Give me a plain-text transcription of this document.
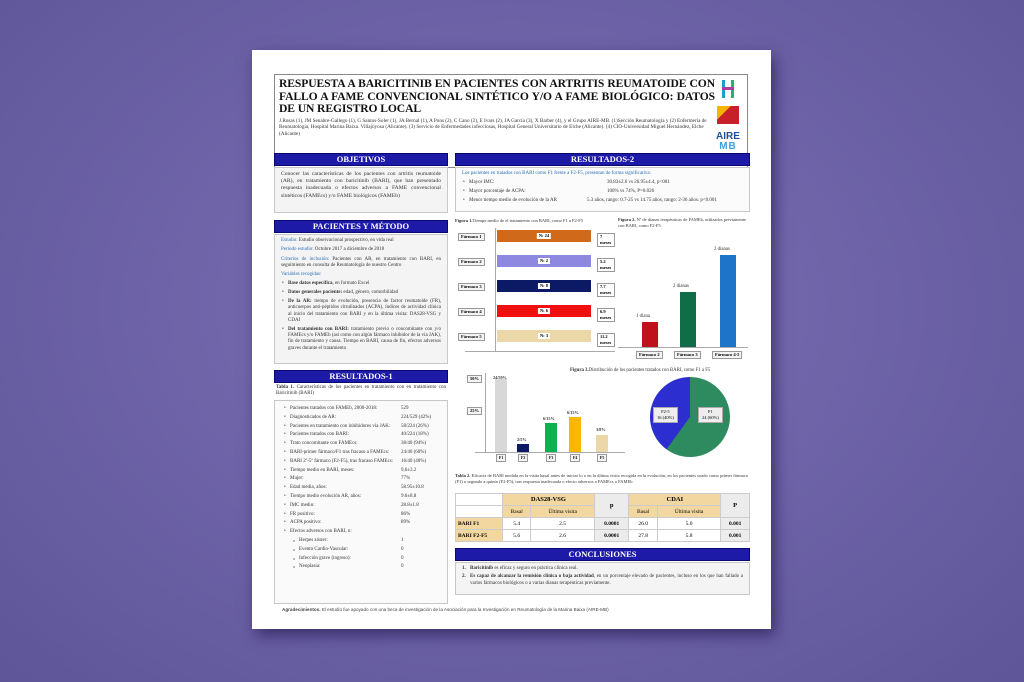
RESPUESTA A BARICITINIB EN PACIENTES CON ARTRITIS REUMATOIDE CON FALLO A FAME CONVENCIONAL SINTÉTICO Y/O A FAME BIOLÓGICO: DATOS DE UN REGISTRO LOCAL
J.Rosas (1), JM Senabre-Gallego (1), G Santos-Soler (1), JA Bernal (1), A Pons (2), C Cano (2), E Ivars (2), JA García (3), X Barber (4), y el Grupo AIRE-MB. (1)Sección Reumatología y (2) Enfermería de Reumatología, Hospital Marina Baixa. Villajoyosa (Alicante). (3) Servicio de Enfermedades infecciosas, Hospital General Universitario de Elche (Alicante). (4) CIO-Universidad Miguel Hernández, Elche (Alicante)	AIRE
MB
OBJETIVOS
Conocer las características de los pacientes con artritis reumatoide (AR), en tratamiento con baricitinib (BARI), que han presentado respuesta inadecuada o efectos adversos a FAME convencional sintéticos (FAMEcs) y/o FAME biológicos (FAMEb)
PACIENTES Y MÉTODO
Estudio: Estudio observacional prospectivo, en vida real
Periodo estudio: Octubre 2017 a diciembre de 2018
Criterios de inclusión: Pacientes con AR, en tratamiento con BARI, en seguimiento en consulta de Reumatología de nuestro Centro
Variables recogidas:
• Base datos específica, en formato Excel
• Datos generales paciente: edad, género, comorbilidad
• De la AR: tiempo de evolución, presencia de factor reumatoide (FR), anticuerpos anti-péptidos citrulinados (ACPA), índices de actividad clínica al inicio del tratamiento con BARI y en la última visita: DAS28-VSG y CDAI
• Del tratamiento con BARI: tratamiento previo o concomitante con y/o FAMEcs y/o FAMEb (así como con algún fármaco inhibidor de la vía JAK), fin de tratamiento y causa. Tiempo en BARI, causa de fin, efectos adversos graves durante el tratamiento
RESULTADOS-1
Tabla 1. Características de los pacientes en tratamiento con en tratamiento con Baricitinib (BARI)
• Pacientes tratados con FAMEb, 2000-2018:	529
• Diagnosticados de AR:	224/529 (42%)
• Pacientes en tratamiento con inhibidores vía JAK: 58/224 (26%)
• Pacientes tratados con BARI:	40/224 (18%)
• Trato concomitante con FAMEcs:	38/40 (94%)
• BARI-primer fármaco/F1 tras fracaso a FAMEcs: 24/40 (60%)
• BARI 2º-5º fármaco (F2-F5), tras fracaso FAMEcs: 16/40 (40%)
• Tiempo medio en BARI, meses:	9,6±3.2
• Mujer:	77%
• Edad media, años:	58.95±10.8
• Tiempo medio evolución AR, años:	9.6±8.8
• IMC medio:	28.8±1.8
• FR positivo:	86%
• ACPA positivo:	89%
• Efectos adversos con BARI, n:
o Herpes zóster:	1
o Evento Cardio-Vascular:	0
o Infección grave (ingreso):	0
o Neoplasia:	0
RESULTADOS-2
Los pacientes en tratados con BARI como F1 frente a F2-F5, presentan de forma significativa:
• Mayor IMC:	30.83±2.6 vs 26.95±4.4, p<001
• Mayor porcentaje de ACPA:	100% vs 74%, P=0.026
• Menor tiempo medio de evolución de la AR	5.3 años, rango: 0.7-25 vs 14.75 años, rango: 2-36 años. p<0.001
Figura 1.Tiempo medio de el tratamiento con BARI, como F1 a F2-F5
N: 24
Fármaco 1	7 meses
N: 2
Fármaco 2	5.2 meses
N: 8
Fármaco 3	7.7 meses
N: 6
Fármaco 4	6.9 meses
N: 3
Fármaco 5	11.2 meses
Figura 2. Nº de dianas terapéuticas de FAMEb, utilizados previamente con BARI, como F2-F5
1 diana
2 dianas
2 dianas
Fármaco 2	Fármaco 3	Fármaco 4-5
Figura 3.Distribución de los pacientes tratados con BARI, como F1 a F5
50%
25%
24/59%
2/5%
6/15%
6/15%
3/8%
F1	F2	F3	F4	F5
F2-5
16 (40%)
F1
24 (60%)
Tabla 2. Eficacia de BARI medida en la visita basal antes de iniciar lo o en la última visita recogida en la evolución, en los pacientes usado como primer fármaco (F1) o segundo a quinto (F2-F5), tras respuesta inadecuada o efecto adversos a FAMEcs o FAMEb
	DAS28-VSG		p	CDAI		P
	Basal	Última visita		Basal	Última visita	
BARI F1	5.4	2.5	0.0001	26.0	5.0	0.001
BARI F2-F5	5.6	2.6	0.0001	27.8	5.8	0.001
CONCLUSIONES
1. Baricitinib es eficaz y seguro en práctica clínica real.
2. Es capaz de alcanzar la remisión clínica o baja actividad, en un porcentaje elevado de pacientes, incluso en los que han fallado a varios fármacos biológicos o a varias dianas terapéuticas previamente.
Agradecimientos. El estudio fue apoyado con una beca de investigación de la Asociación para la Investigación en Reumatología de la Marina Baixa (AIRE-MB)
